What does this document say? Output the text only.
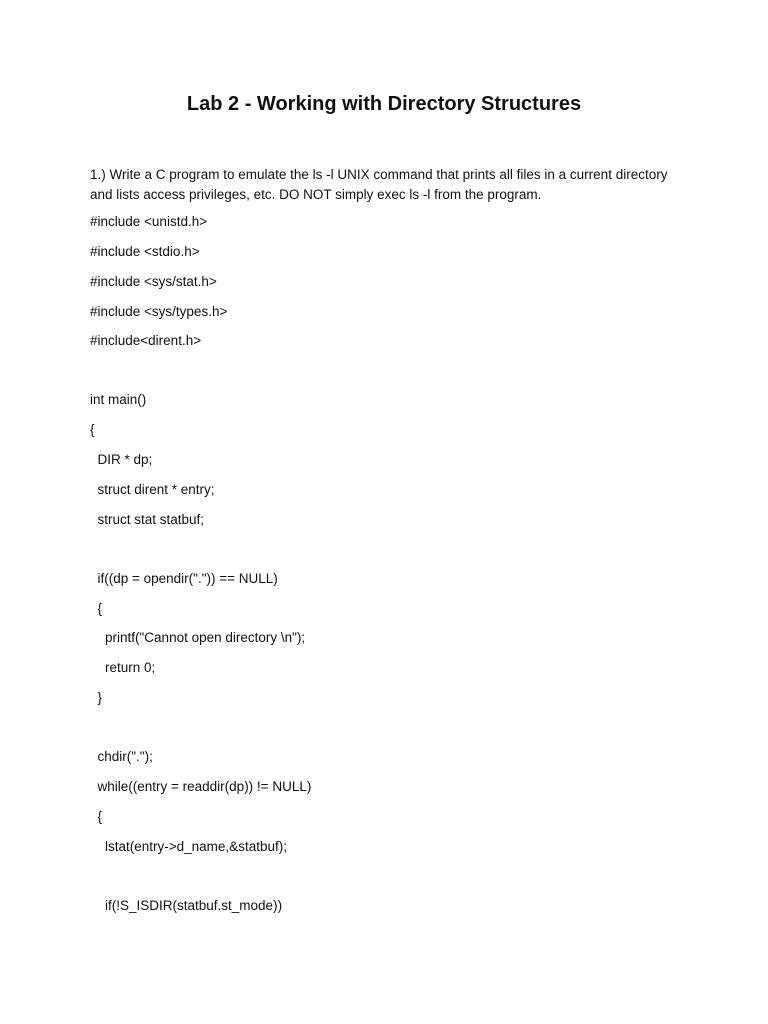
Lab 2 - Working with Directory Structures
1.) Write a C program to emulate the ls -l UNIX command that prints all files in a current directory
and lists access privileges, etc. DO NOT simply exec ls -l from the program.
#include <unistd.h>
#include <stdio.h>
#include <sys/stat.h>
#include <sys/types.h>
#include<dirent.h>
int main()
{
DIR * dp;
struct dirent * entry;
struct stat statbuf;
if((dp = opendir(".")) == NULL)
{
printf("Cannot open directory \n");
return 0;
}
chdir(".");
while((entry = readdir(dp)) != NULL)
{
lstat(entry->d_name,&statbuf);
if(!S_ISDIR(statbuf.st_mode))
